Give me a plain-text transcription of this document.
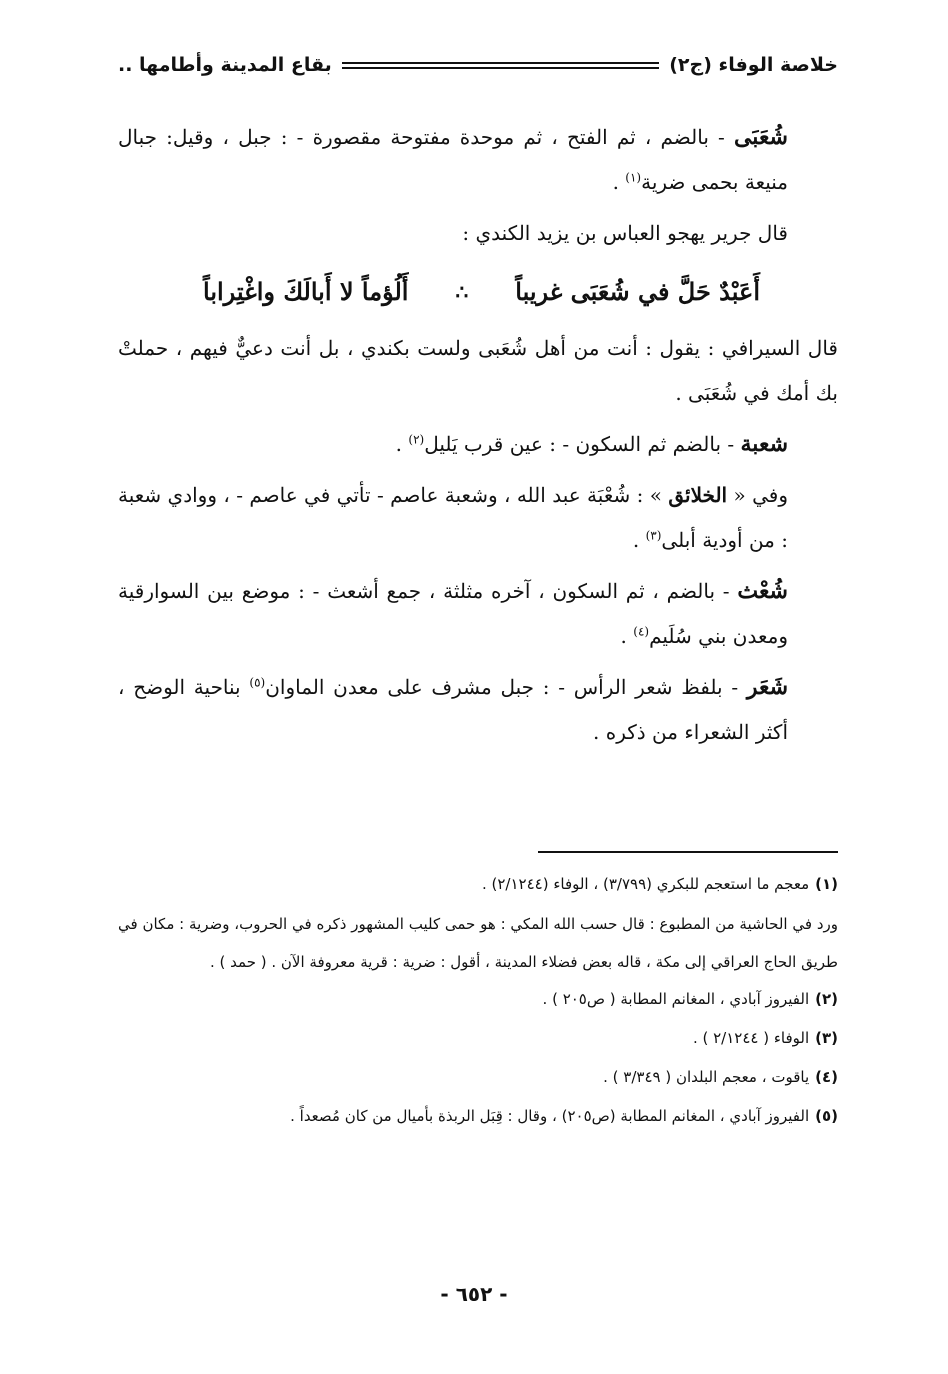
خلاصة الوفاء (ج٢)
بقاع المدينة وأطامها ..

شُعَبَى - بالضم ، ثم الفتح ، ثم موحدة مفتوحة مقصورة - : جبل ، وقيل: جبال منيعة بحمى ضرية$^{(١)}$ .

قال جرير يهجو العباس بن يزيد الكندي :

أَعَبْدٌ حَلَّ في شُعَبَى غريباً
∴
أَلُؤماً لا أَبالَكَ واغْتِراباً

قال السيرافي : يقول : أنت من أهل شُعَبى ولست بكندي ، بل أنت دعيٌّ فيهم ، حملتْ بك أمك في شُعَبَى .

شعبة - بالضم ثم السكون - : عين قرب يَليل$^{(٢)}$ .

وفي « الخلائق » : شُعْبَة عبد الله ، وشعبة عاصم - تأتي في عاصم - ، ووادي شعبة : من أودية أبلى$^{(٣)}$ .

شُعْث - بالضم ، ثم السكون ، آخره مثلثة ، جمع أشعث - : موضع بين السوارقية ومعدن بني سُلَيم$^{(٤)}$ .

شَعَر - بلفظ شعر الرأس - : جبل مشرف على معدن الماوان$^{(٥)}$ بناحية الوضح ، أكثر الشعراء من ذكره .

(١)معجم ما استعجم للبكري (٣/٧٩٩) ، الوفاء (٢/١٢٤٤) .

ورد في الحاشية من المطبوع : قال حسب الله المكي : هو حمى كليب المشهور ذكره في الحروب، وضرية : مكان في طريق الحاج العراقي إلى مكة ، قاله بعض فضلاء المدينة ، أقول : ضرية : قرية معروفة الآن . ( حمد ) .

(٢)الفيروز آبادي ، المغانم المطابة ( ص٢٠٥ ) .

(٣)الوفاء ( ٢/١٢٤٤ ) .

(٤)ياقوت ، معجم البلدان ( ٣/٣٤٩ ) .

(٥)الفيروز آبادي ، المغانم المطابة (ص٢٠٥) ، وقال : قِبَل الربذة بأميال من كان مُصعداً .

- ٦٥٢ -
